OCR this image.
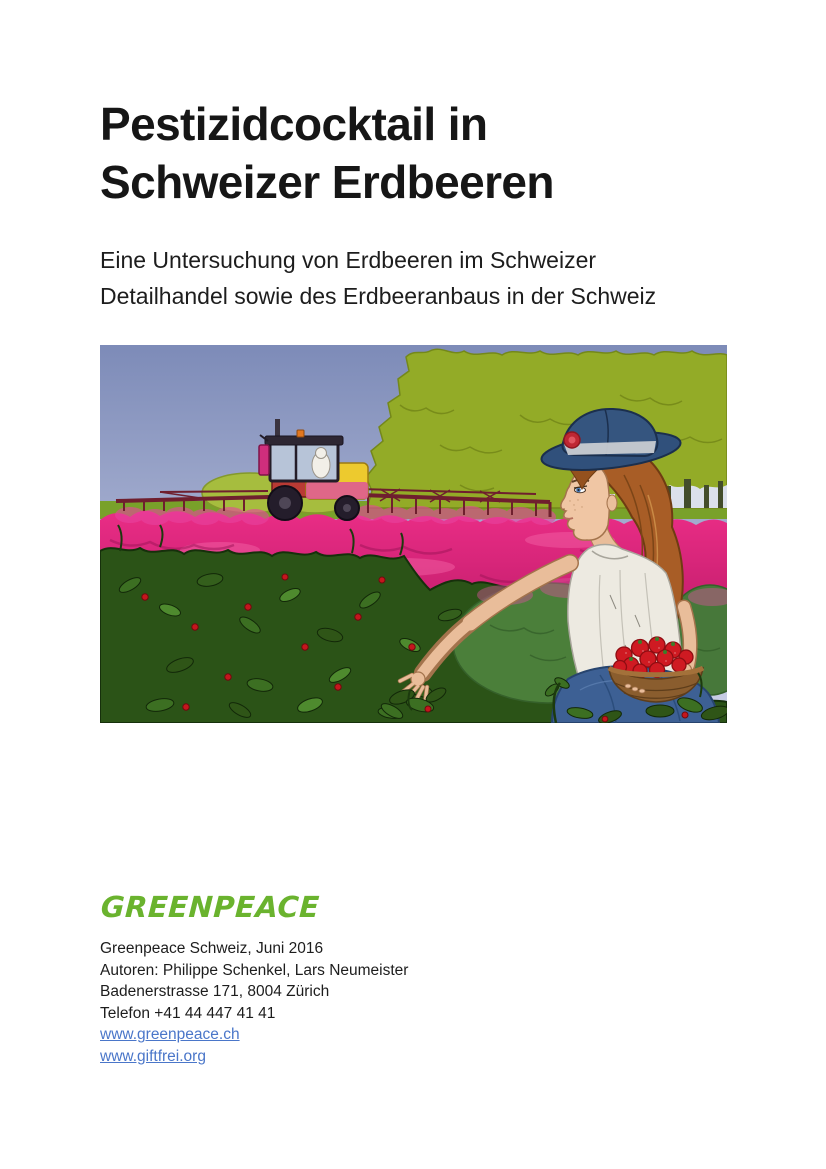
Pestizidcocktail in
Schweizer Erdbeeren

Eine Untersuchung von Erdbeeren im Schweizer
Detailhandel sowie des Erdbeeranbaus in der Schweiz

GREENPEACE
Greenpeace Schweiz, Juni 2016
Autoren: Philippe Schenkel, Lars Neumeister
Badenerstrasse 171, 8004 Zürich
Telefon +41 44 447 41 41
www.greenpeace.ch
www.giftfrei.org
